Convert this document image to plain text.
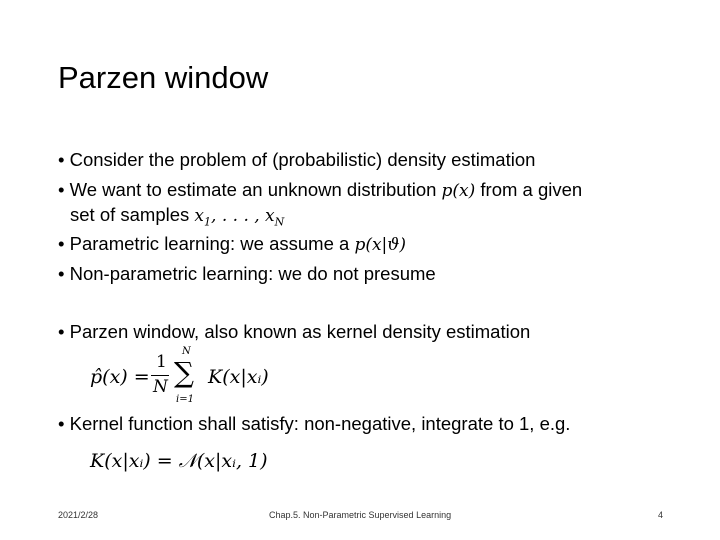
Parzen window
• Consider the problem of (probabilistic) density estimation
• We want to estimate an unknown distribution p(x) from a given
set of samples $x_1$, . . . , $x_N$
• Parametric learning: we assume a p(x|ϑ)
• Non-parametric learning: we do not presume
• Parzen window, also known as kernel density estimation
• Kernel function shall satisfy: non-negative, integrate to 1, e.g.
p̂(x) =
1
N
N
∑
i=1
K(x|xᵢ)
K(x|xᵢ) = 𝒩(x|xᵢ, 1)
2021/2/28	Chap.5. Non-Parametric Supervised Learning	4
